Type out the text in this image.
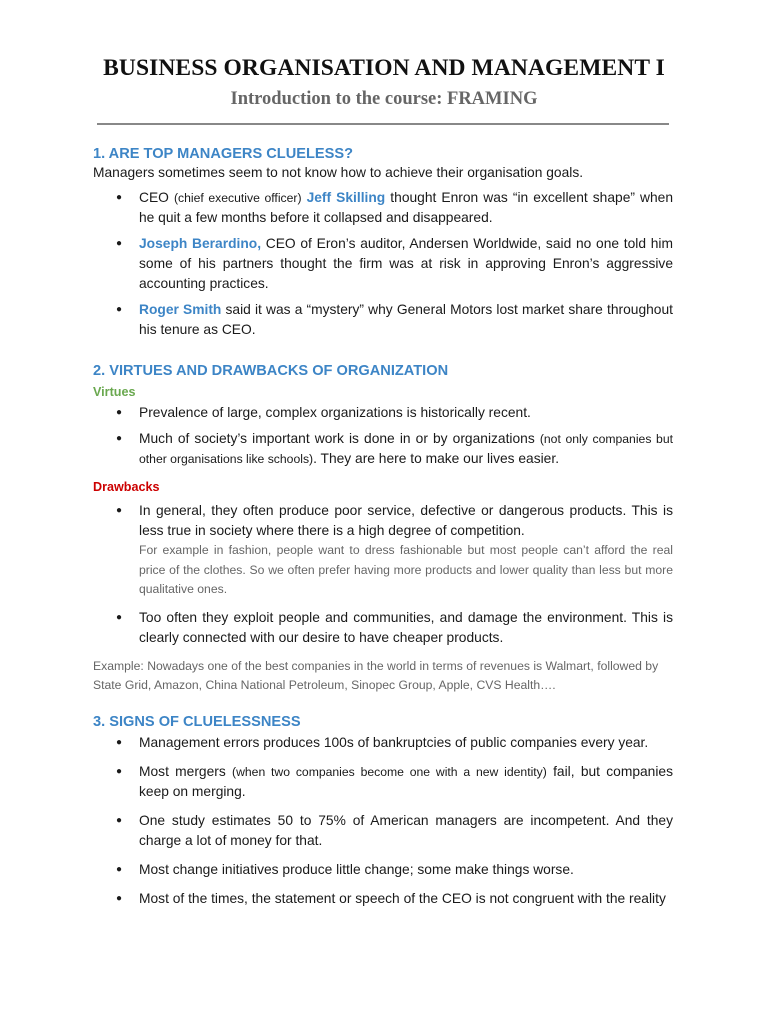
BUSINESS ORGANISATION AND MANAGEMENT I
Introduction to the course: FRAMING
1. ARE TOP MANAGERS CLUELESS?
Managers sometimes seem to not know how to achieve their organisation goals.
● CEO (chief executive officer) Jeff Skilling thought Enron was “in excellent shape” when he quit a few months before it collapsed and disappeared.
● Joseph Berardino, CEO of Eron’s auditor, Andersen Worldwide, said no one told him some of his partners thought the firm was at risk in approving Enron’s aggressive accounting practices.
● Roger Smith said it was a “mystery” why General Motors lost market share throughout his tenure as CEO.
2. VIRTUES AND DRAWBACKS OF ORGANIZATION
Virtues
● Prevalence of large, complex organizations is historically recent.
● Much of society’s important work is done in or by organizations (not only companies but other organisations like schools). They are here to make our lives easier.
Drawbacks
● In general, they often produce poor service, defective or dangerous products. This is less true in society where there is a high degree of competition.
For example in fashion, people want to dress fashionable but most people can’t afford the real price of the clothes. So we often prefer having more products and lower quality than less but more qualitative ones.
● Too often they exploit people and communities, and damage the environment. This is clearly connected with our desire to have cheaper products.
Example: Nowadays one of the best companies in the world in terms of revenues is Walmart, followed by State Grid, Amazon, China National Petroleum, Sinopec Group, Apple, CVS Health….
3. SIGNS OF CLUELESSNESS
● Management errors produces 100s of bankruptcies of public companies every year.
● Most mergers (when two companies become one with a new identity) fail, but companies keep on merging.
● One study estimates 50 to 75% of American managers are incompetent. And they charge a lot of money for that.
● Most change initiatives produce little change; some make things worse.
● Most of the times, the statement or speech of the CEO is not congruent with the reality
